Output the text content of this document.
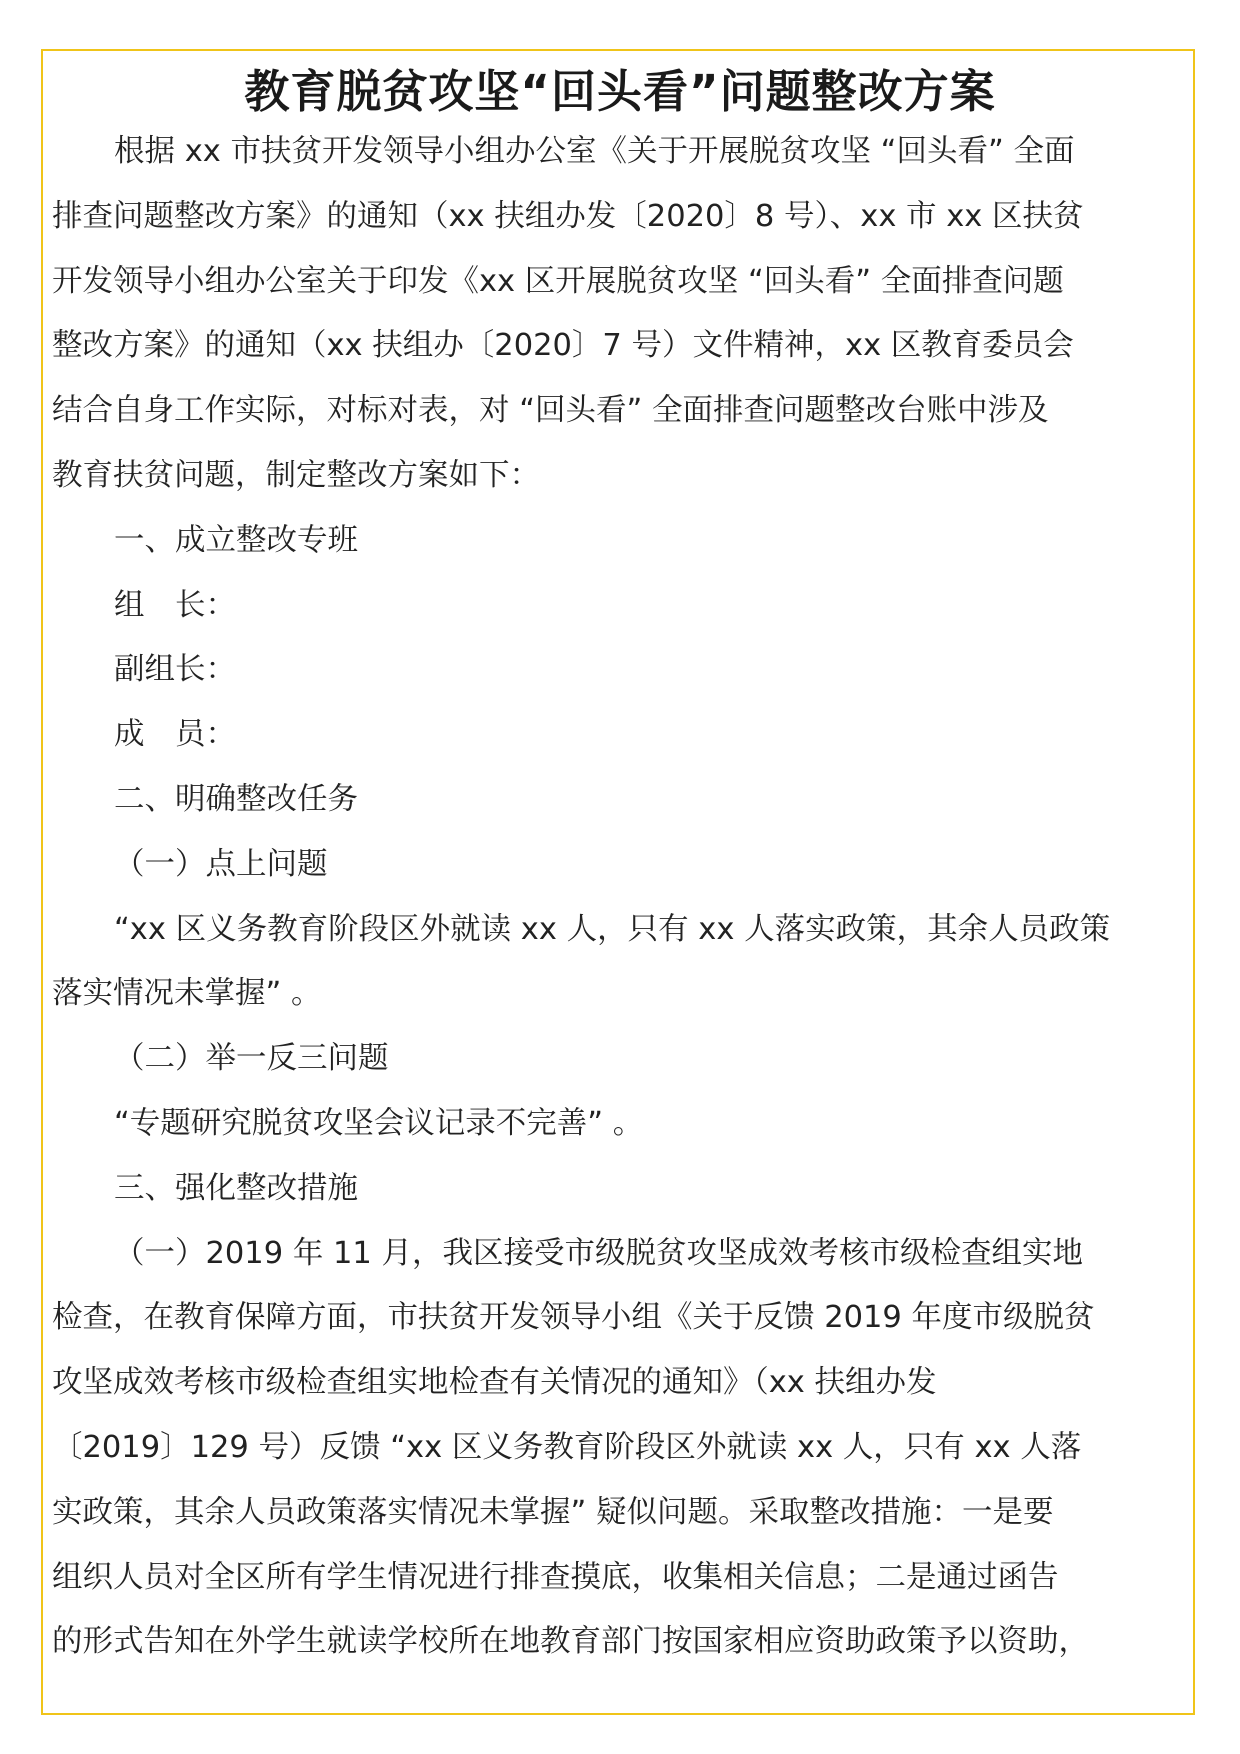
教育脱贫攻坚“回头看”问题整改方案
根据 xx 市扶贫开发领导小组办公室《关于开展脱贫攻坚 “回头看” 全面
排查问题整改方案》的通知（xx 扶组办发〔2020〕8 号）、xx 市 xx 区扶贫
开发领导小组办公室关于印发《xx 区开展脱贫攻坚 “回头看” 全面排查问题
整改方案》的通知（xx 扶组办〔2020〕7 号）文件精神，xx 区教育委员会
结合自身工作实际，对标对表，对 “回头看” 全面排查问题整改台账中涉及
教育扶贫问题，制定整改方案如下：
一、成立整改专班
组　长：
副组长：
成　员：
二、明确整改任务
（一）点上问题
“xx 区义务教育阶段区外就读 xx 人，只有 xx 人落实政策，其余人员政策
落实情况未掌握” 。
（二）举一反三问题
“专题研究脱贫攻坚会议记录不完善” 。
三、强化整改措施
（一）2019 年 11 月，我区接受市级脱贫攻坚成效考核市级检查组实地
检查，在教育保障方面，市扶贫开发领导小组《关于反馈 2019 年度市级脱贫
攻坚成效考核市级检查组实地检查有关情况的通知》（xx 扶组办发
〔2019〕129 号）反馈 “xx 区义务教育阶段区外就读 xx 人，只有 xx 人落
实政策，其余人员政策落实情况未掌握” 疑似问题。采取整改措施：一是要
组织人员对全区所有学生情况进行排查摸底，收集相关信息；二是通过函告
的形式告知在外学生就读学校所在地教育部门按国家相应资助政策予以资助，
